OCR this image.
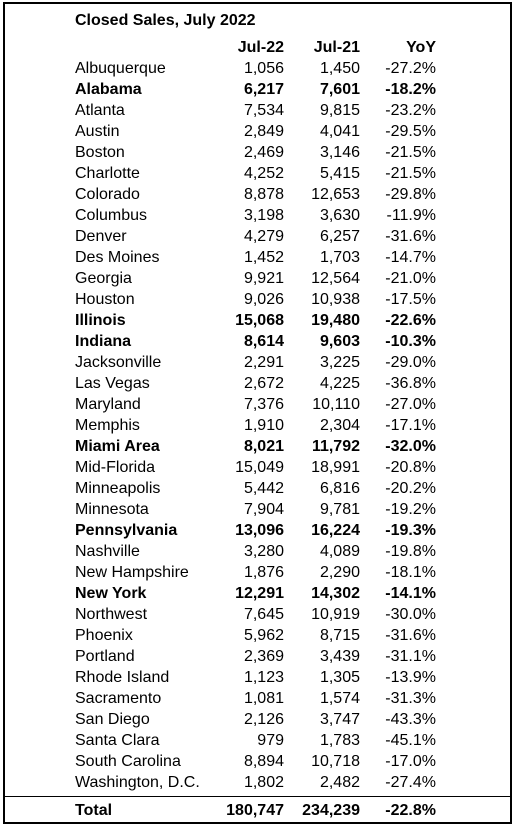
Closed Sales, July 2022
Jul-22 Jul-21	YoY
Albuquerque	1,056 1,450 -27.2%
Alabama	6,217 7,601 -18.2%
Atlanta	7,534 9,815 -23.2%
Austin	2,849 4,041 -29.5%
Boston	2,469 3,146 -21.5%
Charlotte	4,252 5,415 -21.5%
Colorado	8,878 12,653 -29.8%
Columbus	3,198 3,630 -11.9%
Denver	4,279 6,257 -31.6%
Des Moines	1,452 1,703 -14.7%
Georgia	9,921 12,564 -21.0%
Houston	9,026 10,938 -17.5%
Illinois	15,068 19,480 -22.6%
Indiana	8,614 9,603 -10.3%
Jacksonville	2,291 3,225 -29.0%
Las Vegas	2,672 4,225 -36.8%
Maryland	7,376 10,110 -27.0%
Memphis	1,910 2,304 -17.1%
Miami Area	8,021 11,792 -32.0%
Mid-Florida	15,049 18,991 -20.8%
Minneapolis	5,442 6,816 -20.2%
Minnesota	7,904 9,781 -19.2%
Pennsylvania	13,096 16,224 -19.3%
Nashville	3,280 4,089 -19.8%
New Hampshire	1,876 2,290 -18.1%
New York	12,291 14,302 -14.1%
Northwest	7,645 10,919 -30.0%
Phoenix	5,962 8,715 -31.6%
Portland	2,369 3,439 -31.1%
Rhode Island	1,123 1,305 -13.9%
Sacramento	1,081 1,574 -31.3%
San Diego	2,126 3,747 -43.3%
Santa Clara	979 1,783 -45.1%
South Carolina	8,894 10,718 -17.0%
Washington, D.C.	1,802 2,482 -27.4%
Total	180,747 234,239 -22.8%
